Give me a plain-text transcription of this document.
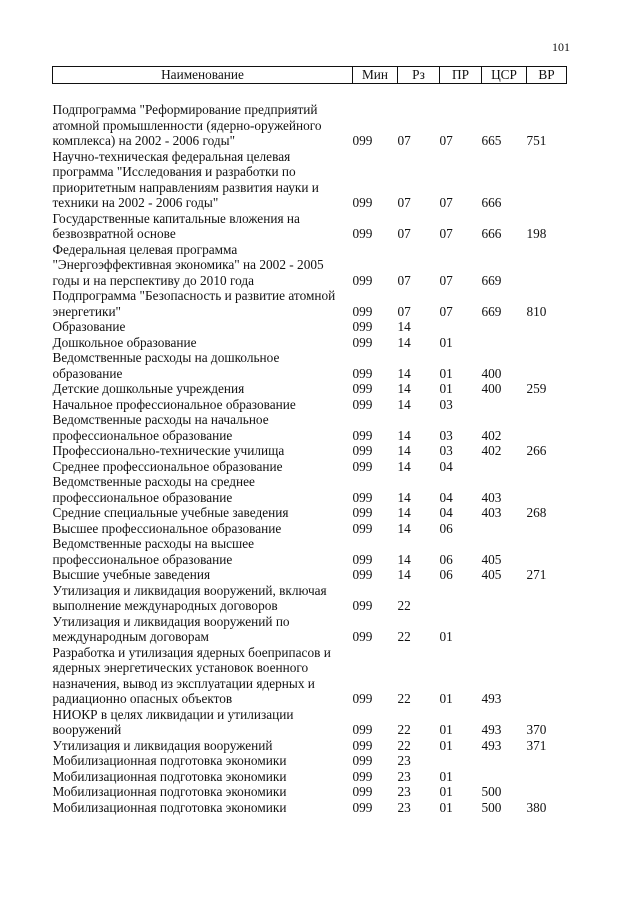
101
Наименование	Мин	Рз	ПР	ЦСР	ВР

Подпрограмма "Реформирование предприятий атомной промышленности (ядерно-оружейного комплекса) на 2002 - 2006 годы"	099	07	07	665	751
Научно-техническая федеральная целевая программа "Исследования и разработки по приоритетным направлениям развития науки и техники на 2002 - 2006 годы"	099	07	07	666	
Государственные капитальные вложения на безвозвратной основе	099	07	07	666	198
Федеральная целевая программа "Энергоэффективная экономика" на 2002 - 2005 годы и на перспективу до 2010 года	099	07	07	669	
Подпрограмма "Безопасность и развитие атомной энергетики"	099	07	07	669	810
Образование	099	14			
Дошкольное образование	099	14	01		
Ведомственные расходы на дошкольное образование	099	14	01	400	
Детские дошкольные учреждения	099	14	01	400	259
Начальное профессиональное образование	099	14	03		
Ведомственные расходы на начальное профессиональное образование	099	14	03	402	
Профессионально-технические училища	099	14	03	402	266
Среднее профессиональное образование	099	14	04		
Ведомственные расходы на среднее профессиональное образование	099	14	04	403	
Средние специальные учебные заведения	099	14	04	403	268
Высшее профессиональное образование	099	14	06		
Ведомственные расходы на высшее профессиональное образование	099	14	06	405	
Высшие учебные заведения	099	14	06	405	271
Утилизация и ликвидация вооружений, включая выполнение международных договоров	099	22			
Утилизация и ликвидация вооружений по международным договорам	099	22	01		
Разработка и утилизация ядерных боеприпасов и ядерных энергетических установок военного назначения, вывод из эксплуатации ядерных и радиационно опасных объектов	099	22	01	493	
НИОКР в целях ликвидации и утилизации вооружений	099	22	01	493	370
Утилизация и ликвидация вооружений	099	22	01	493	371
Мобилизационная подготовка экономики	099	23			
Мобилизационная подготовка экономики	099	23	01		
Мобилизационная подготовка экономики	099	23	01	500	
Мобилизационная подготовка экономики	099	23	01	500	380
